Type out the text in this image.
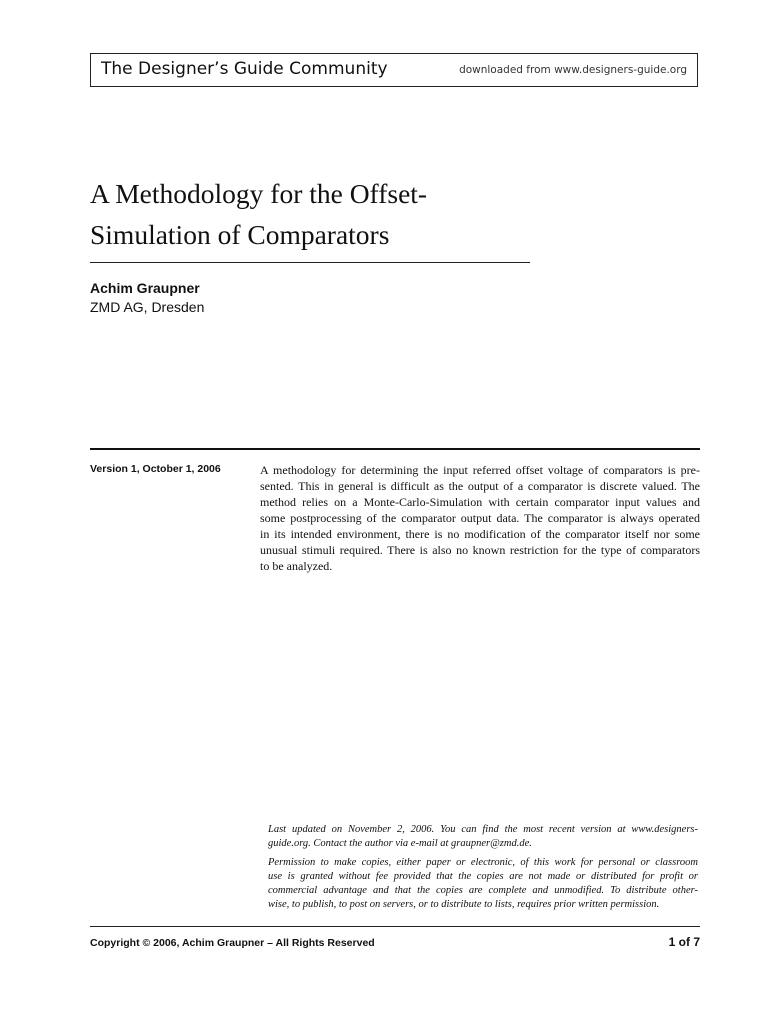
The Designer’s Guide Community	downloaded from www.designers-guide.org
A Methodology for the Offset-
Simulation of Comparators
Achim Graupner
ZMD AG, Dresden
Version 1, October 1, 2006	A methodology for determining the input referred offset voltage of comparators is pre-
sented. This in general is difficult as the output of a comparator is discrete valued. The
method relies on a Monte-Carlo-Simulation with certain comparator input values and
some postprocessing of the comparator output data. The comparator is always operated
in its intended environment, there is no modification of the comparator itself nor some
unusual stimuli required. There is also no known restriction for the type of comparators
to be analyzed.
Last updated on November 2, 2006. You can find the most recent version at www.designers-
guide.org. Contact the author via e-mail at graupner@zmd.de.
Permission to make copies, either paper or electronic, of this work for personal or classroom
use is granted without fee provided that the copies are not made or distributed for profit or
commercial advantage and that the copies are complete and unmodified. To distribute other-
wise, to publish, to post on servers, or to distribute to lists, requires prior written permission.
Copyright © 2006, Achim Graupner – All Rights Reserved	1 of 7
